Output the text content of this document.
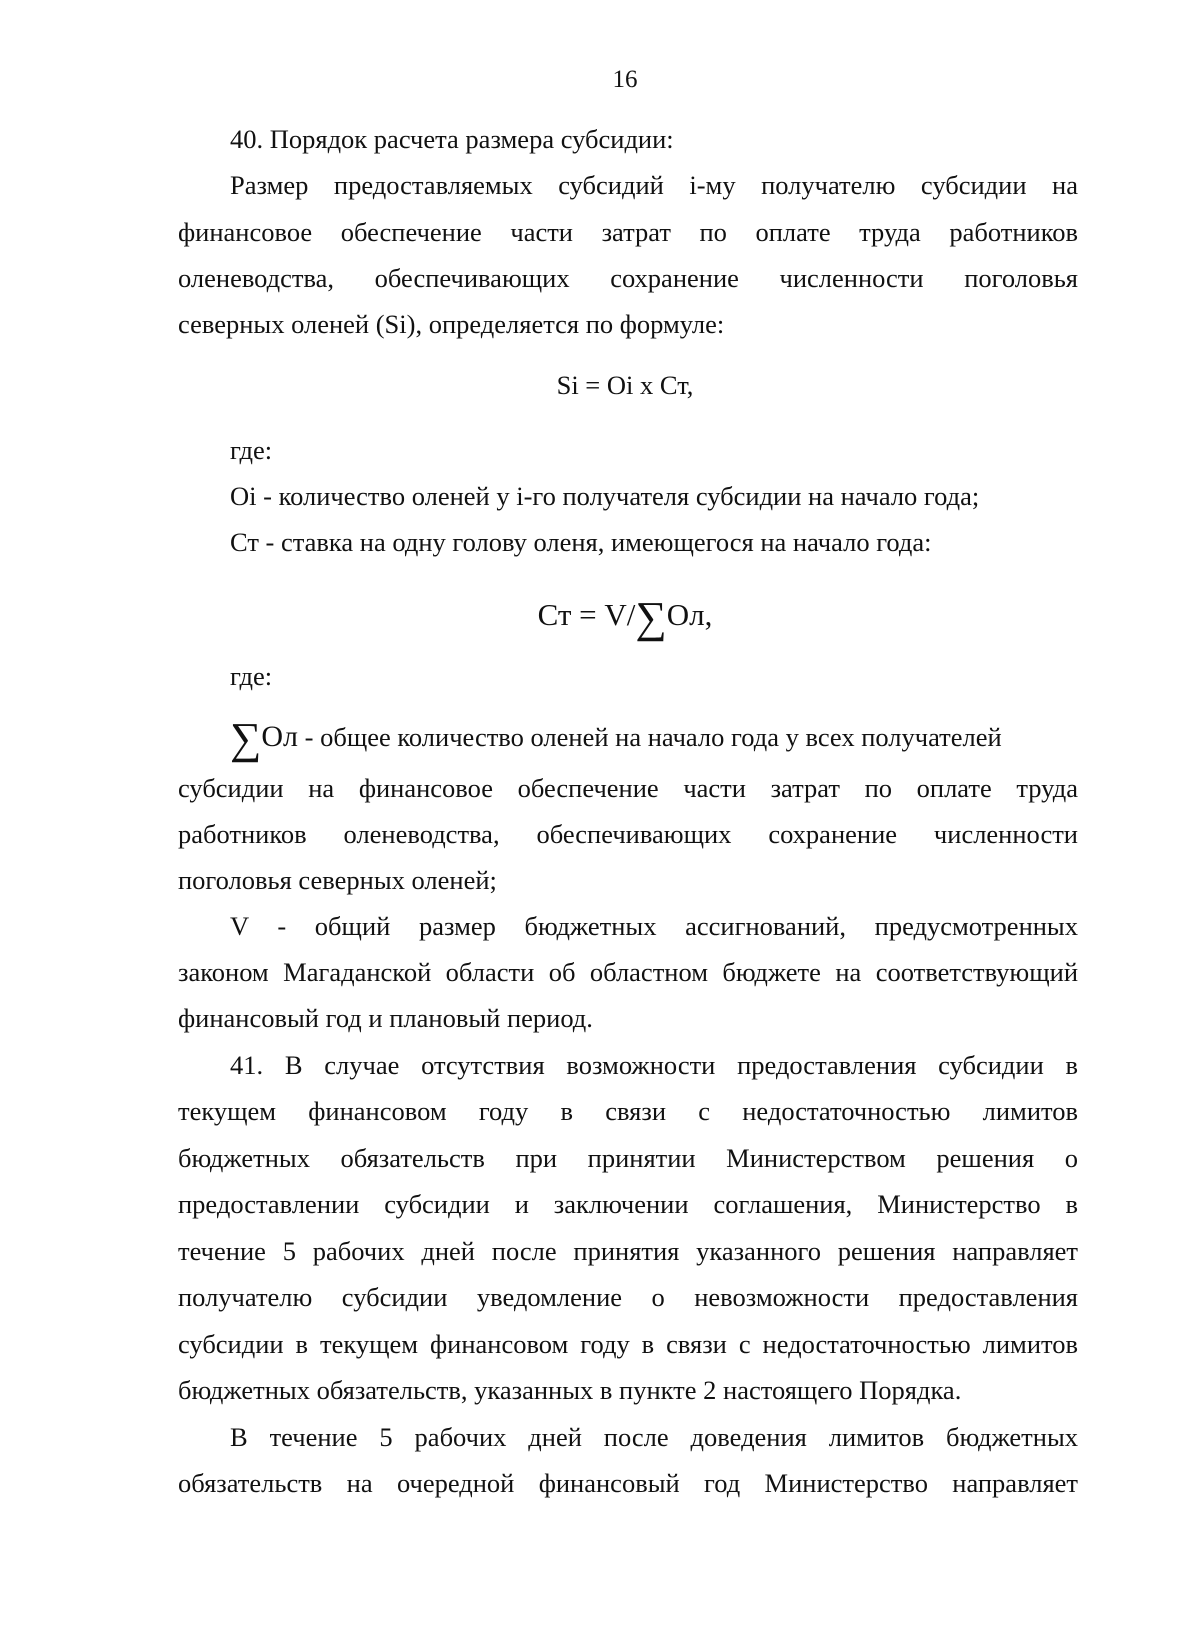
16
40. Порядок расчета размера субсидии:
Размер предоставляемых субсидий i-му получателю субсидии на
финансовое обеспечение части затрат по оплате труда работников
оленеводства, обеспечивающих сохранение численности поголовья
северных оленей (Si), определяется по формуле:
Si = Oi x Ст,
где:
Oi - количество оленей у i-го получателя субсидии на начало года;
Ст - ставка на одну голову оленя, имеющегося на начало года:
Ст = V/∑Ол,
где:
∑Ол - общее количество оленей на начало года у всех получателей
субсидии на финансовое обеспечение части затрат по оплате труда
работников оленеводства, обеспечивающих сохранение численности
поголовья северных оленей;
V - общий размер бюджетных ассигнований, предусмотренных
законом Магаданской области об областном бюджете на соответствующий
финансовый год и плановый период.
41. В случае отсутствия возможности предоставления субсидии в
текущем финансовом году в связи с недостаточностью лимитов
бюджетных обязательств при принятии Министерством решения о
предоставлении субсидии и заключении соглашения, Министерство в
течение 5 рабочих дней после принятия указанного решения направляет
получателю субсидии уведомление о невозможности предоставления
субсидии в текущем финансовом году в связи с недостаточностью лимитов
бюджетных обязательств, указанных в пункте 2 настоящего Порядка.
В течение 5 рабочих дней после доведения лимитов бюджетных
обязательств на очередной финансовый год Министерство направляет
